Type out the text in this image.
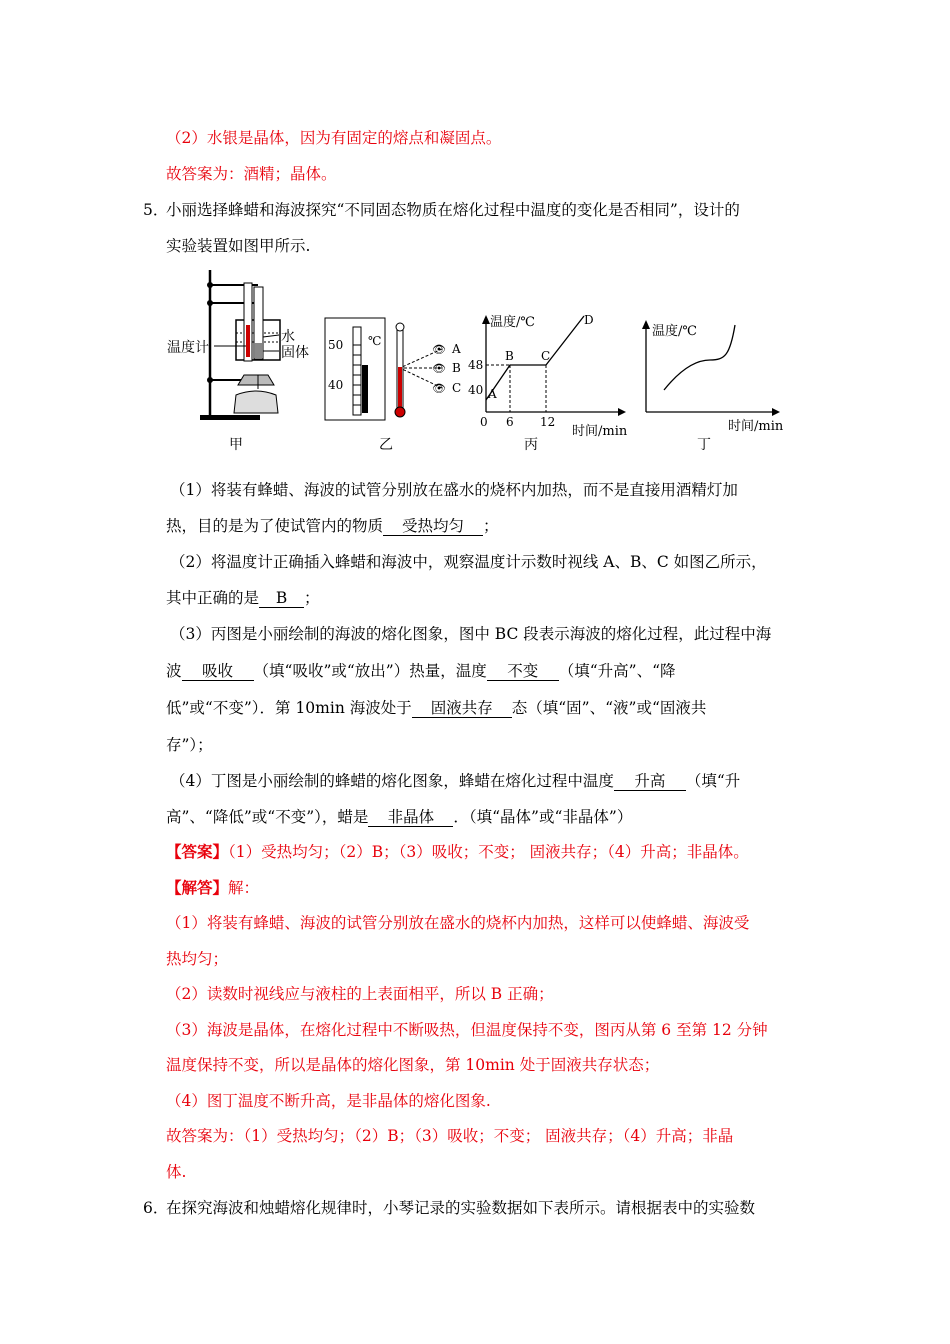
（2）水银是晶体，因为有固定的熔点和凝固点。
故答案为：酒精；晶体。
5．
小丽选择蜂蜡和海波探究“不同固态物质在熔化过程中温度的变化是否相同”，设计的
实验装置如图甲所示.
温度计
水
固体
甲
50
40
℃
👁
👁
👁
A
B
C
乙
温度/℃
48
40
0 6 12
时间/min
A
B C
D
丙
温度/℃
时间/min
丁
（1）将装有蜂蜡、海波的试管分别放在盛水的烧杯内加热，而不是直接用酒精灯加
热，目的是为了使试管内的物质 受热均匀 ；
（2）将温度计正确插入蜂蜡和海波中，观察温度计示数时视线 A、B、C 如图乙所示，
其中正确的是 B ；
（3）丙图是小丽绘制的海波的熔化图象，图中 BC 段表示海波的熔化过程，此过程中海
波 吸收 （填“吸收”或“放出”）热量，温度 不变 （填“升高”、“降
低”或“不变”）．第 10min 海波处于 固液共存 态（填“固”、“液”或“固液共
存”）；
（4）丁图是小丽绘制的蜂蜡的熔化图象，蜂蜡在熔化过程中温度 升高 （填“升
高”、“降低”或“不变”），蜡是 非晶体 ．（填“晶体”或“非晶体”）
【答案】（1）受热均匀；（2）B；（3）吸收；不变； 固液共存；（4）升高；非晶体。
【解答】解：
（1）将装有蜂蜡、海波的试管分别放在盛水的烧杯内加热，这样可以使蜂蜡、海波受
热均匀；
（2）读数时视线应与液柱的上表面相平，所以 B 正确；
（3）海波是晶体，在熔化过程中不断吸热，但温度保持不变，图丙从第 6 至第 12 分钟
温度保持不变，所以是晶体的熔化图象，第 10min 处于固液共存状态；
（4）图丁温度不断升高，是非晶体的熔化图象.
故答案为：（1）受热均匀；（2）B；（3）吸收；不变； 固液共存；（4）升高；非晶
体.
6．
在探究海波和烛蜡熔化规律时，小琴记录的实验数据如下表所示。请根据表中的实验数
